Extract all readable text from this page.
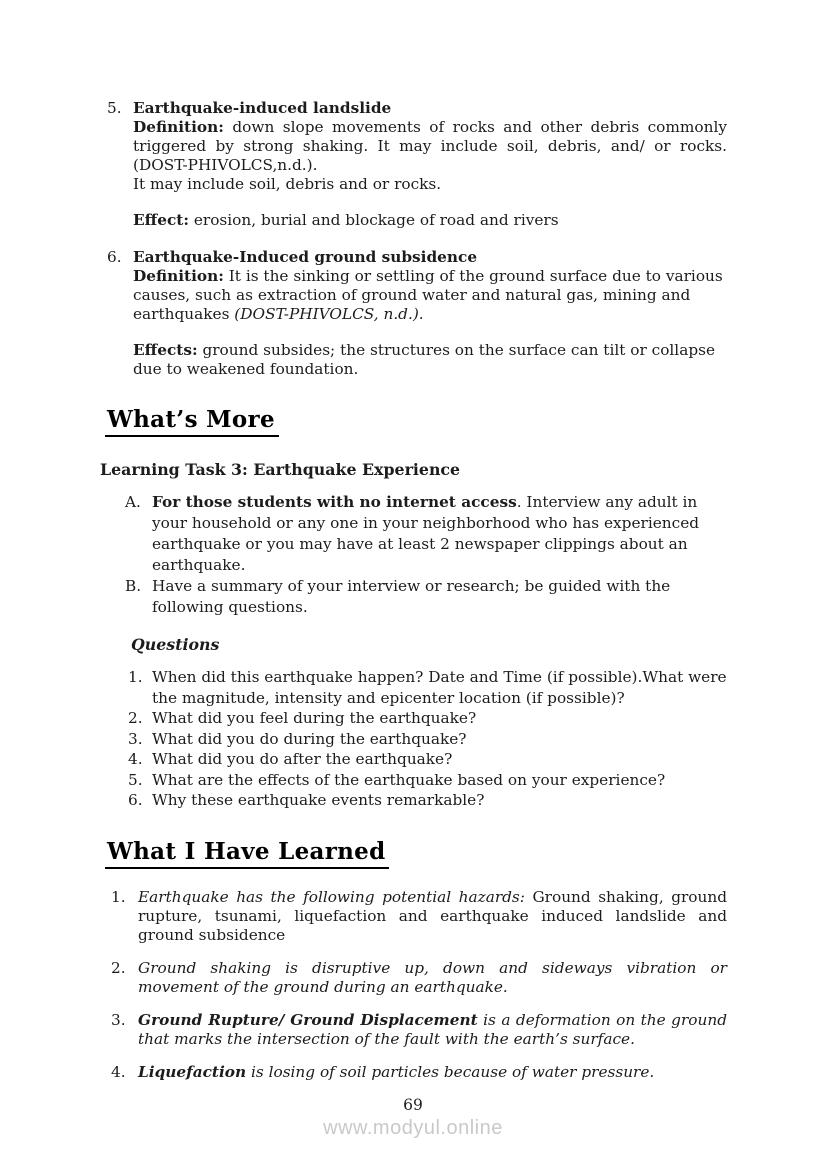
5. Earthquake-induced landslide

Definition: down slope movements of rocks and other debris commonly triggered by strong shaking. It may include soil, debris, and/ or rocks. (DOST-PHIVOLCS,n.d.).

It may include soil, debris and or rocks.

Effect: erosion, burial and blockage of road and rivers

6. Earthquake-Induced ground subsidence

Definition: It is the sinking or settling of the ground surface due to various causes, such as extraction of ground water and natural gas, mining and earthquakes (DOST-PHIVOLCS, n.d.).

Effects: ground subsides; the structures on the surface can tilt or collapse due to weakened foundation.

What’s More

Learning Task 3: Earthquake Experience

A. For those students with no internet access. Interview any adult in your household or any one in your neighborhood who has experienced earthquake or you may have at least 2 newspaper clippings about an earthquake.
B. Have a summary of your interview or research; be guided with the following questions.

Questions

1. When did this earthquake happen? Date and Time (if possible).What were the magnitude, intensity and epicenter location (if possible)?
2. What did you feel during the earthquake?
3. What did you do during the earthquake?
4. What did you do after the earthquake?
5. What are the effects of the earthquake based on your experience?
6. Why these earthquake events remarkable?
What I Have Learned
1. Earthquake has the following potential hazards: Ground shaking, ground rupture, tsunami, liquefaction and earthquake induced landslide and ground subsidence
2. Ground shaking is disruptive up, down and sideways vibration or movement of the ground during an earthquake.
3. Ground Rupture/ Ground Displacement is a deformation on the ground that marks the intersection of the fault with the earth’s surface.
4. Liquefaction is losing of soil particles because of water pressure.
69
www.modyul.online
